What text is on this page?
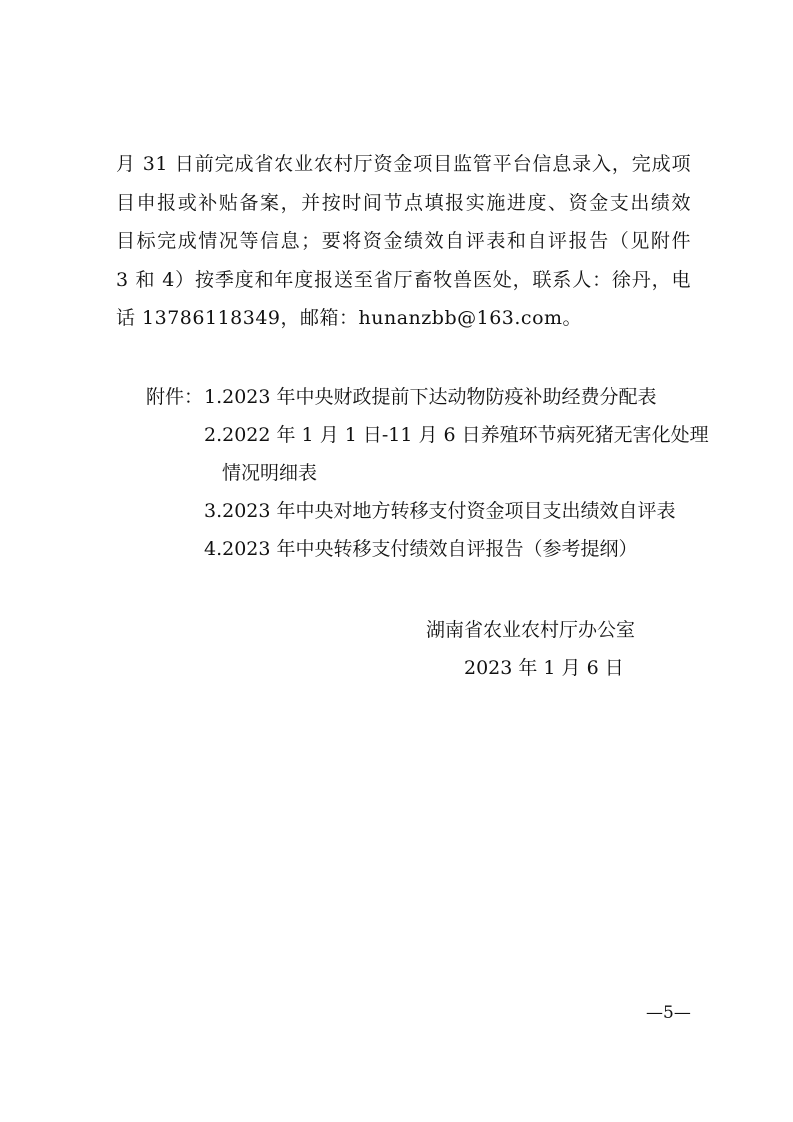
月 31 日前完成省农业农村厅资金项目监管平台信息录入，完成项
目申报或补贴备案，并按时间节点填报实施进度、资金支出绩效
目标完成情况等信息；要将资金绩效自评表和自评报告（见附件
3 和 4）按季度和年度报送至省厅畜牧兽医处，联系人：徐丹，电
话 13786118349，邮箱：hunanzbb@163.com。
附件： 1.2023 年中央财政提前下达动物防疫补助经费分配表
2.2022 年 1 月 1 日-11 月 6 日养殖环节病死猪无害化处理
情况明细表
3.2023 年中央对地方转移支付资金项目支出绩效自评表
4.2023 年中央转移支付绩效自评报告（参考提纲）
湖南省农业农村厅办公室
2023 年 1 月 6 日
—5—
